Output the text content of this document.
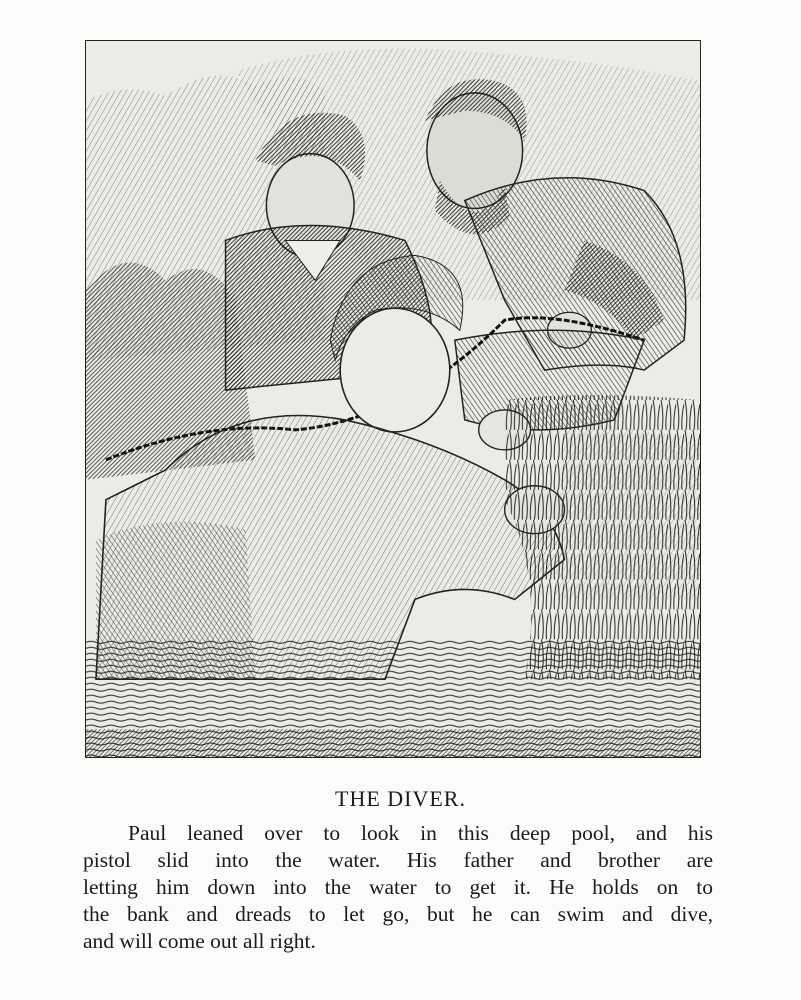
THE DIVER.
Paul leaned over to look in this deep pool, and his
pistol slid into the water. His father and brother are
letting him down into the water to get it. He holds on to
the bank and dreads to let go, but he can swim and dive,
and will come out all right.
